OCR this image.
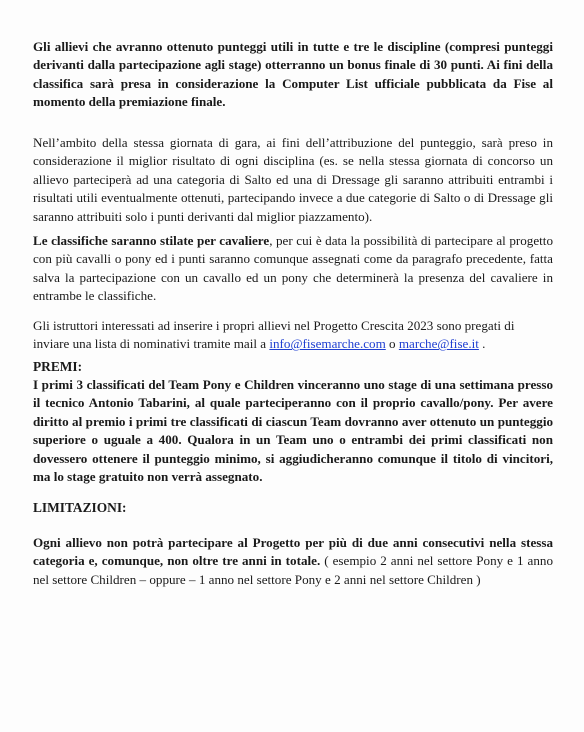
Gli allievi che avranno ottenuto punteggi utili in tutte e tre le discipline (compresi punteggi derivanti dalla partecipazione agli stage) otterranno un bonus finale di 30 punti. Ai fini della classifica sarà presa in considerazione la Computer List ufficiale pubblicata da Fise al momento della premiazione finale.

Nell’ambito della stessa giornata di gara, ai fini dell’attribuzione del punteggio, sarà preso in considerazione il miglior risultato di ogni disciplina (es. se nella stessa giornata di concorso un allievo parteciperà ad una categoria di Salto ed una di Dressage gli saranno attribuiti entrambi i risultati utili eventualmente ottenuti, partecipando invece a due categorie di Salto o di Dressage gli saranno attribuiti solo i punti derivanti dal miglior piazzamento).

Le classifiche saranno stilate per cavaliere, per cui è data la possibilità di partecipare al progetto con più cavalli o pony ed i punti saranno comunque assegnati come da paragrafo precedente, fatta salva la partecipazione con un cavallo ed un pony che determinerà la presenza del cavaliere in entrambe le classifiche.

Gli istruttori interessati ad inserire i propri allievi nel Progetto Crescita 2023 sono pregati di inviare una lista di nominativi tramite mail a info@fisemarche.com o marche@fise.it .

PREMI:

I primi 3 classificati del Team Pony e Children vinceranno uno stage di una settimana presso il tecnico Antonio Tabarini, al quale parteciperanno con il proprio cavallo/pony. Per avere diritto al premio i primi tre classificati di ciascun Team dovranno aver ottenuto un punteggio superiore o uguale a 400. Qualora in un Team uno o entrambi dei primi classificati non dovessero ottenere il punteggio minimo, si aggiudicheranno comunque il titolo di vincitori, ma lo stage gratuito non verrà assegnato.

LIMITAZIONI:

Ogni allievo non potrà partecipare al Progetto per più di due anni consecutivi nella stessa categoria e, comunque, non oltre tre anni in totale. ( esempio 2 anni nel settore Pony e 1 anno nel settore Children – oppure – 1 anno nel settore Pony e 2 anni nel settore Children )
